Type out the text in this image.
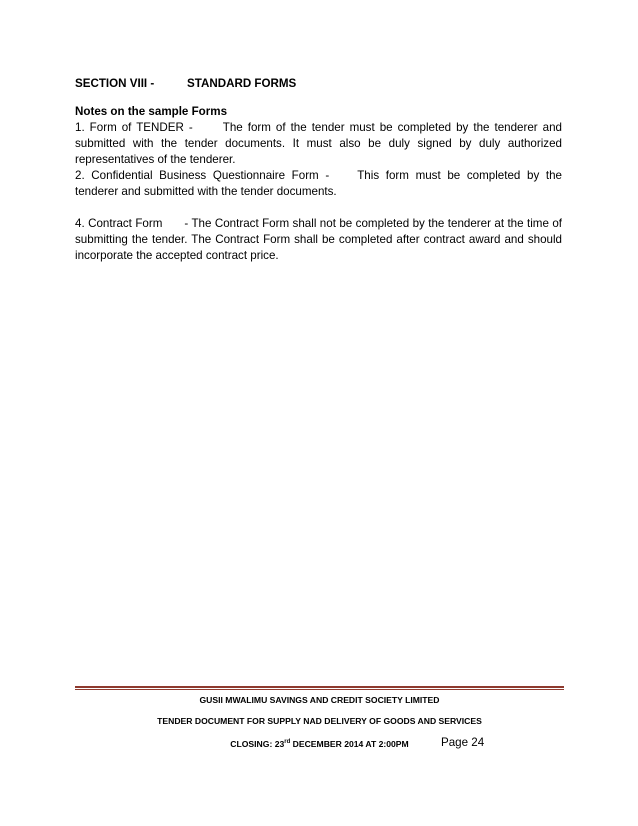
SECTION VIII -	STANDARD FORMS
Notes on the sample Forms

1. Form of TENDER -	The form of the tender must be completed by the tenderer and submitted with the tender documents. It must also be duly signed by duly authorized representatives of the tenderer.

2. Confidential Business Questionnaire Form - This form must be completed by the tenderer and submitted with the tender documents.

4. Contract Form - The Contract Form shall not be completed by the tenderer at the time of submitting the tender. The Contract Form shall be completed after contract award and should incorporate the accepted contract price.

GUSII MWALIMU SAVINGS AND CREDIT SOCIETY LIMITED
TENDER DOCUMENT FOR SUPPLY NAD DELIVERY OF GOODS AND SERVICES
CLOSING: 23rd DECEMBER 2014 AT 2:00PM	Page 24
